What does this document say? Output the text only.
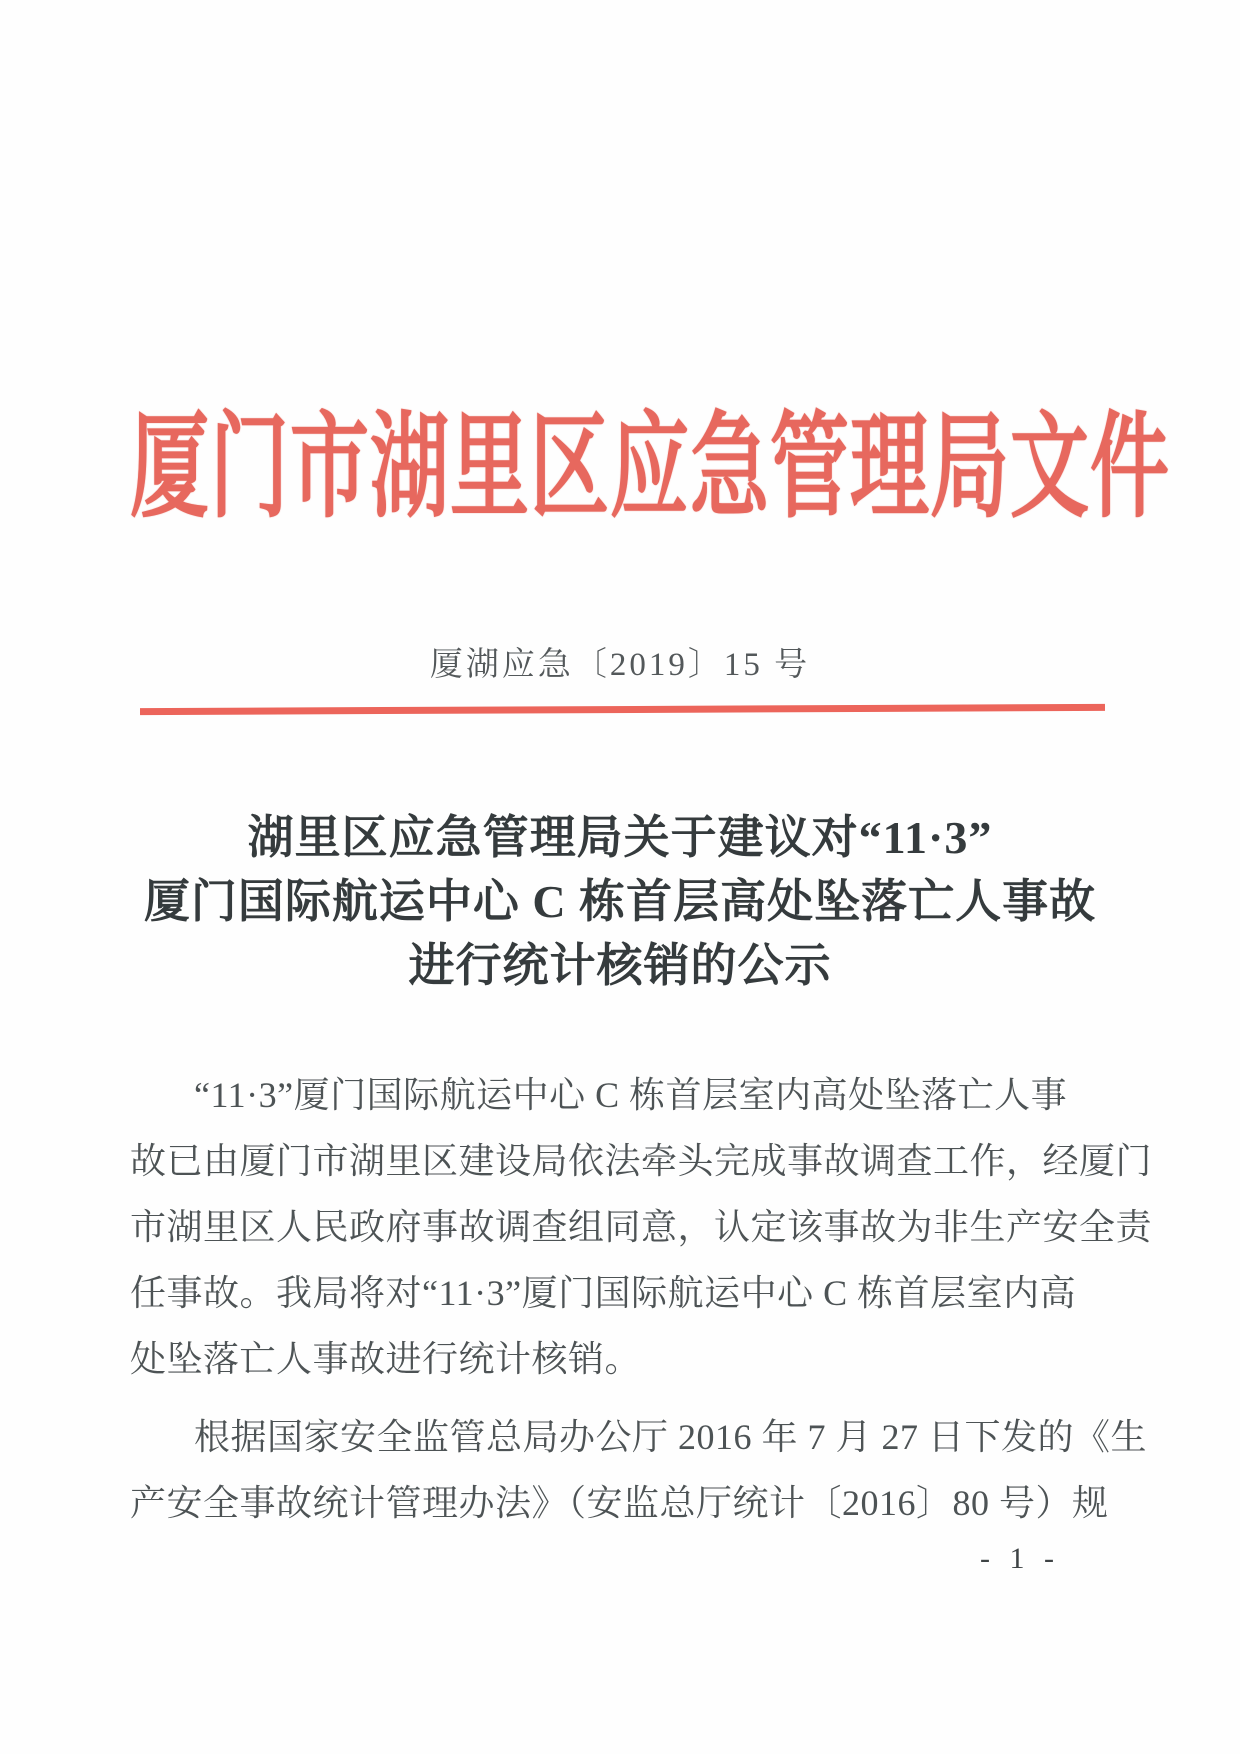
厦门市湖里区应急管理局文件
厦湖应急〔2019〕15 号
湖里区应急管理局关于建议对“11·3”
厦门国际航运中心 C 栋首层高处坠落亡人事故
进行统计核销的公示
“11·3”厦门国际航运中心 C 栋首层室内高处坠落亡人事
故已由厦门市湖里区建设局依法牵头完成事故调查工作，经厦门
市湖里区人民政府事故调查组同意，认定该事故为非生产安全责
任事故。我局将对“11·3”厦门国际航运中心 C 栋首层室内高
处坠落亡人事故进行统计核销。
根据国家安全监管总局办公厅 2016 年 7 月 27 日下发的《生
产安全事故统计管理办法》（安监总厅统计〔2016〕80 号）规
- 1 -
